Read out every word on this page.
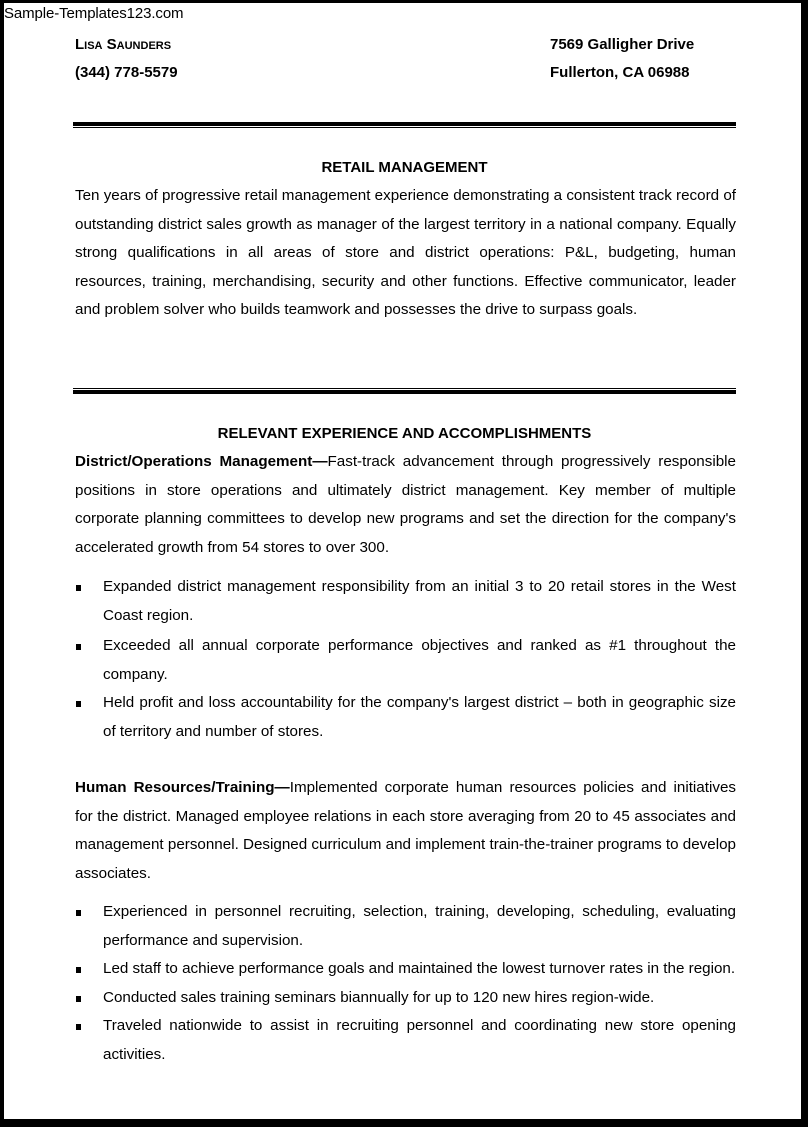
Sample-Templates123.com
Lisa Saunders
(344) 778-5579
7569 Galligher Drive
Fullerton, CA 06988
RETAIL MANAGEMENT
Ten years of progressive retail management experience demonstrating a consistent track record of outstanding district sales growth as manager of the largest territory in a national company. Equally strong qualifications in all areas of store and district operations: P&L, budgeting, human resources, training, merchandising, security and other functions. Effective communicator, leader and problem solver who builds teamwork and possesses the drive to surpass goals.
RELEVANT EXPERIENCE AND ACCOMPLISHMENTS
District/Operations Management—Fast-track advancement through progressively responsible positions in store operations and ultimately district management. Key member of multiple corporate planning committees to develop new programs and set the direction for the company's accelerated growth from 54 stores to over 300.
Expanded district management responsibility from an initial 3 to 20 retail stores in the West Coast region.
Exceeded all annual corporate performance objectives and ranked as #1 throughout the company.
Held profit and loss accountability for the company's largest district – both in geographic size of territory and number of stores.
Human Resources/Training—Implemented corporate human resources policies and initiatives for the district. Managed employee relations in each store averaging from 20 to 45 associates and management personnel. Designed curriculum and implement train-the-trainer programs to develop associates.
Experienced in personnel recruiting, selection, training, developing, scheduling, evaluating performance and supervision.
Led staff to achieve performance goals and maintained the lowest turnover rates in the region.
Conducted sales training seminars biannually for up to 120 new hires region-wide.
Traveled nationwide to assist in recruiting personnel and coordinating new store opening activities.
